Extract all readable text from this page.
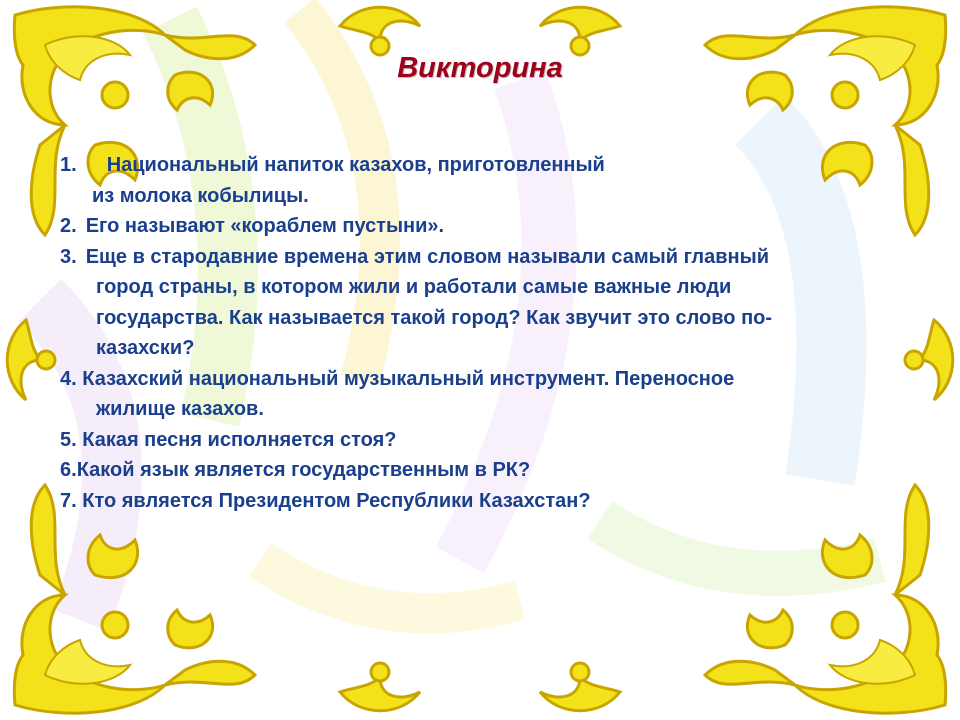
Викторина
1. Национальный напиток казахов, приготовленный
из молока кобылицы.
2. Его называют «кораблем пустыни».
3. Еще в стародавние времена этим словом называли самый главный
город страны, в котором жили и работали самые важные люди
государства. Как называется такой город? Как звучит это слово по-
казахски?
4. Казахский национальный музыкальный инструмент. Переносное
жилище казахов.
5. Какая песня исполняется стоя?
6.Какой язык является государственным в РК?
7. Кто является Президентом Республики Казахстан?
